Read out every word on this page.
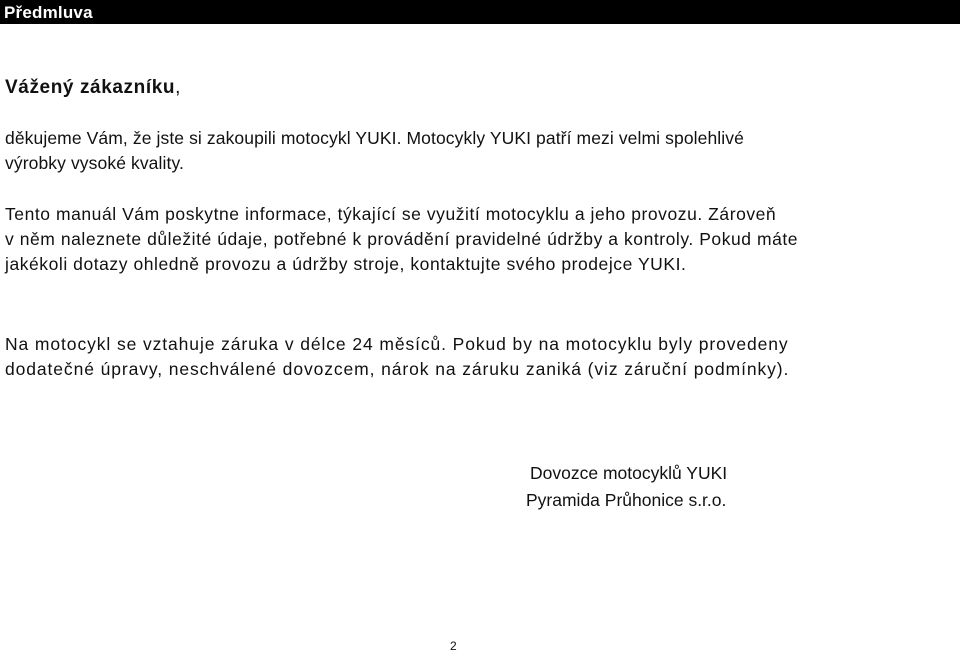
Předmluva
Vážený zákazníku,
děkujeme Vám, že jste si zakoupili motocykl YUKI. Motocykly YUKI patří mezi velmi spolehlivé
výrobky vysoké kvality.
Tento manuál Vám poskytne informace, týkající se využití motocyklu a jeho provozu. Zároveň
v něm naleznete důležité údaje, potřebné k provádění pravidelné údržby a kontroly. Pokud máte
jakékoli dotazy ohledně provozu a údržby stroje, kontaktujte svého prodejce YUKI.
Na motocykl se vztahuje záruka v délce 24 měsíců. Pokud by na motocyklu byly provedeny
dodatečné úpravy, neschválené dovozcem, nárok na záruku zaniká (viz záruční podmínky).
Dovozce motocyklů YUKI
Pyramida Průhonice s.r.o.
2
